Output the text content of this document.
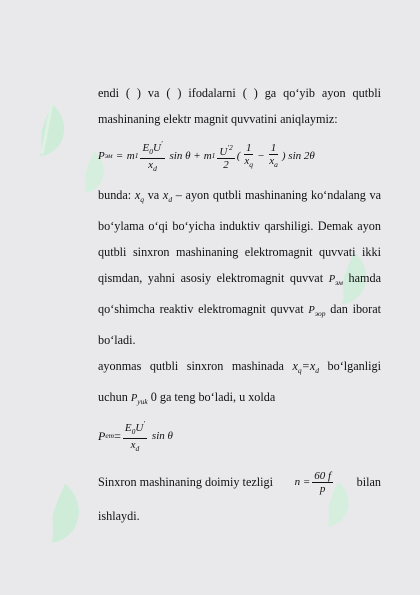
endi ( ) va ( ) ifodalarni ( ) ga qo‘yib ayon qutbli mashinaning elektr magnit quvvatini aniqlaymiz:

P эм = m $1 \frac{E_0U'}{x_d}$ sin θ + m $1 \frac{U^{'2}}{2}$ ( $\frac{1}{x_q} - \frac{1}{x_a}$ ) sin 2θ

bunda: $x_q$ va $x_d$ – ayon qutbli mashinaning ko‘ndalang va bo‘ylama o‘qi bo‘yicha induktiv qarshiligi. Demak ayon qutbli sinxron mashinaning elektromagnit quvvati ikki qismdan, yahni asosiy elektromagnit quvvat $P_{эм}$ hamda qo‘shimcha reaktiv elektromagnit quvvat $P_{эор}$ dan iborat bo‘ladi.

ayonmas qutbli sinxron mashinada $x_q=x_d$ bo‘lganligi uchun $P_{yuk}$ 0 ga teng bo‘ladi, u xolda

P em = $\frac{E_0U'}{x_d}$ sin θ
Sinxron mashinaning doimiy tezligi $n = \frac{60 f}{p}$ bilan

ishlaydi.
